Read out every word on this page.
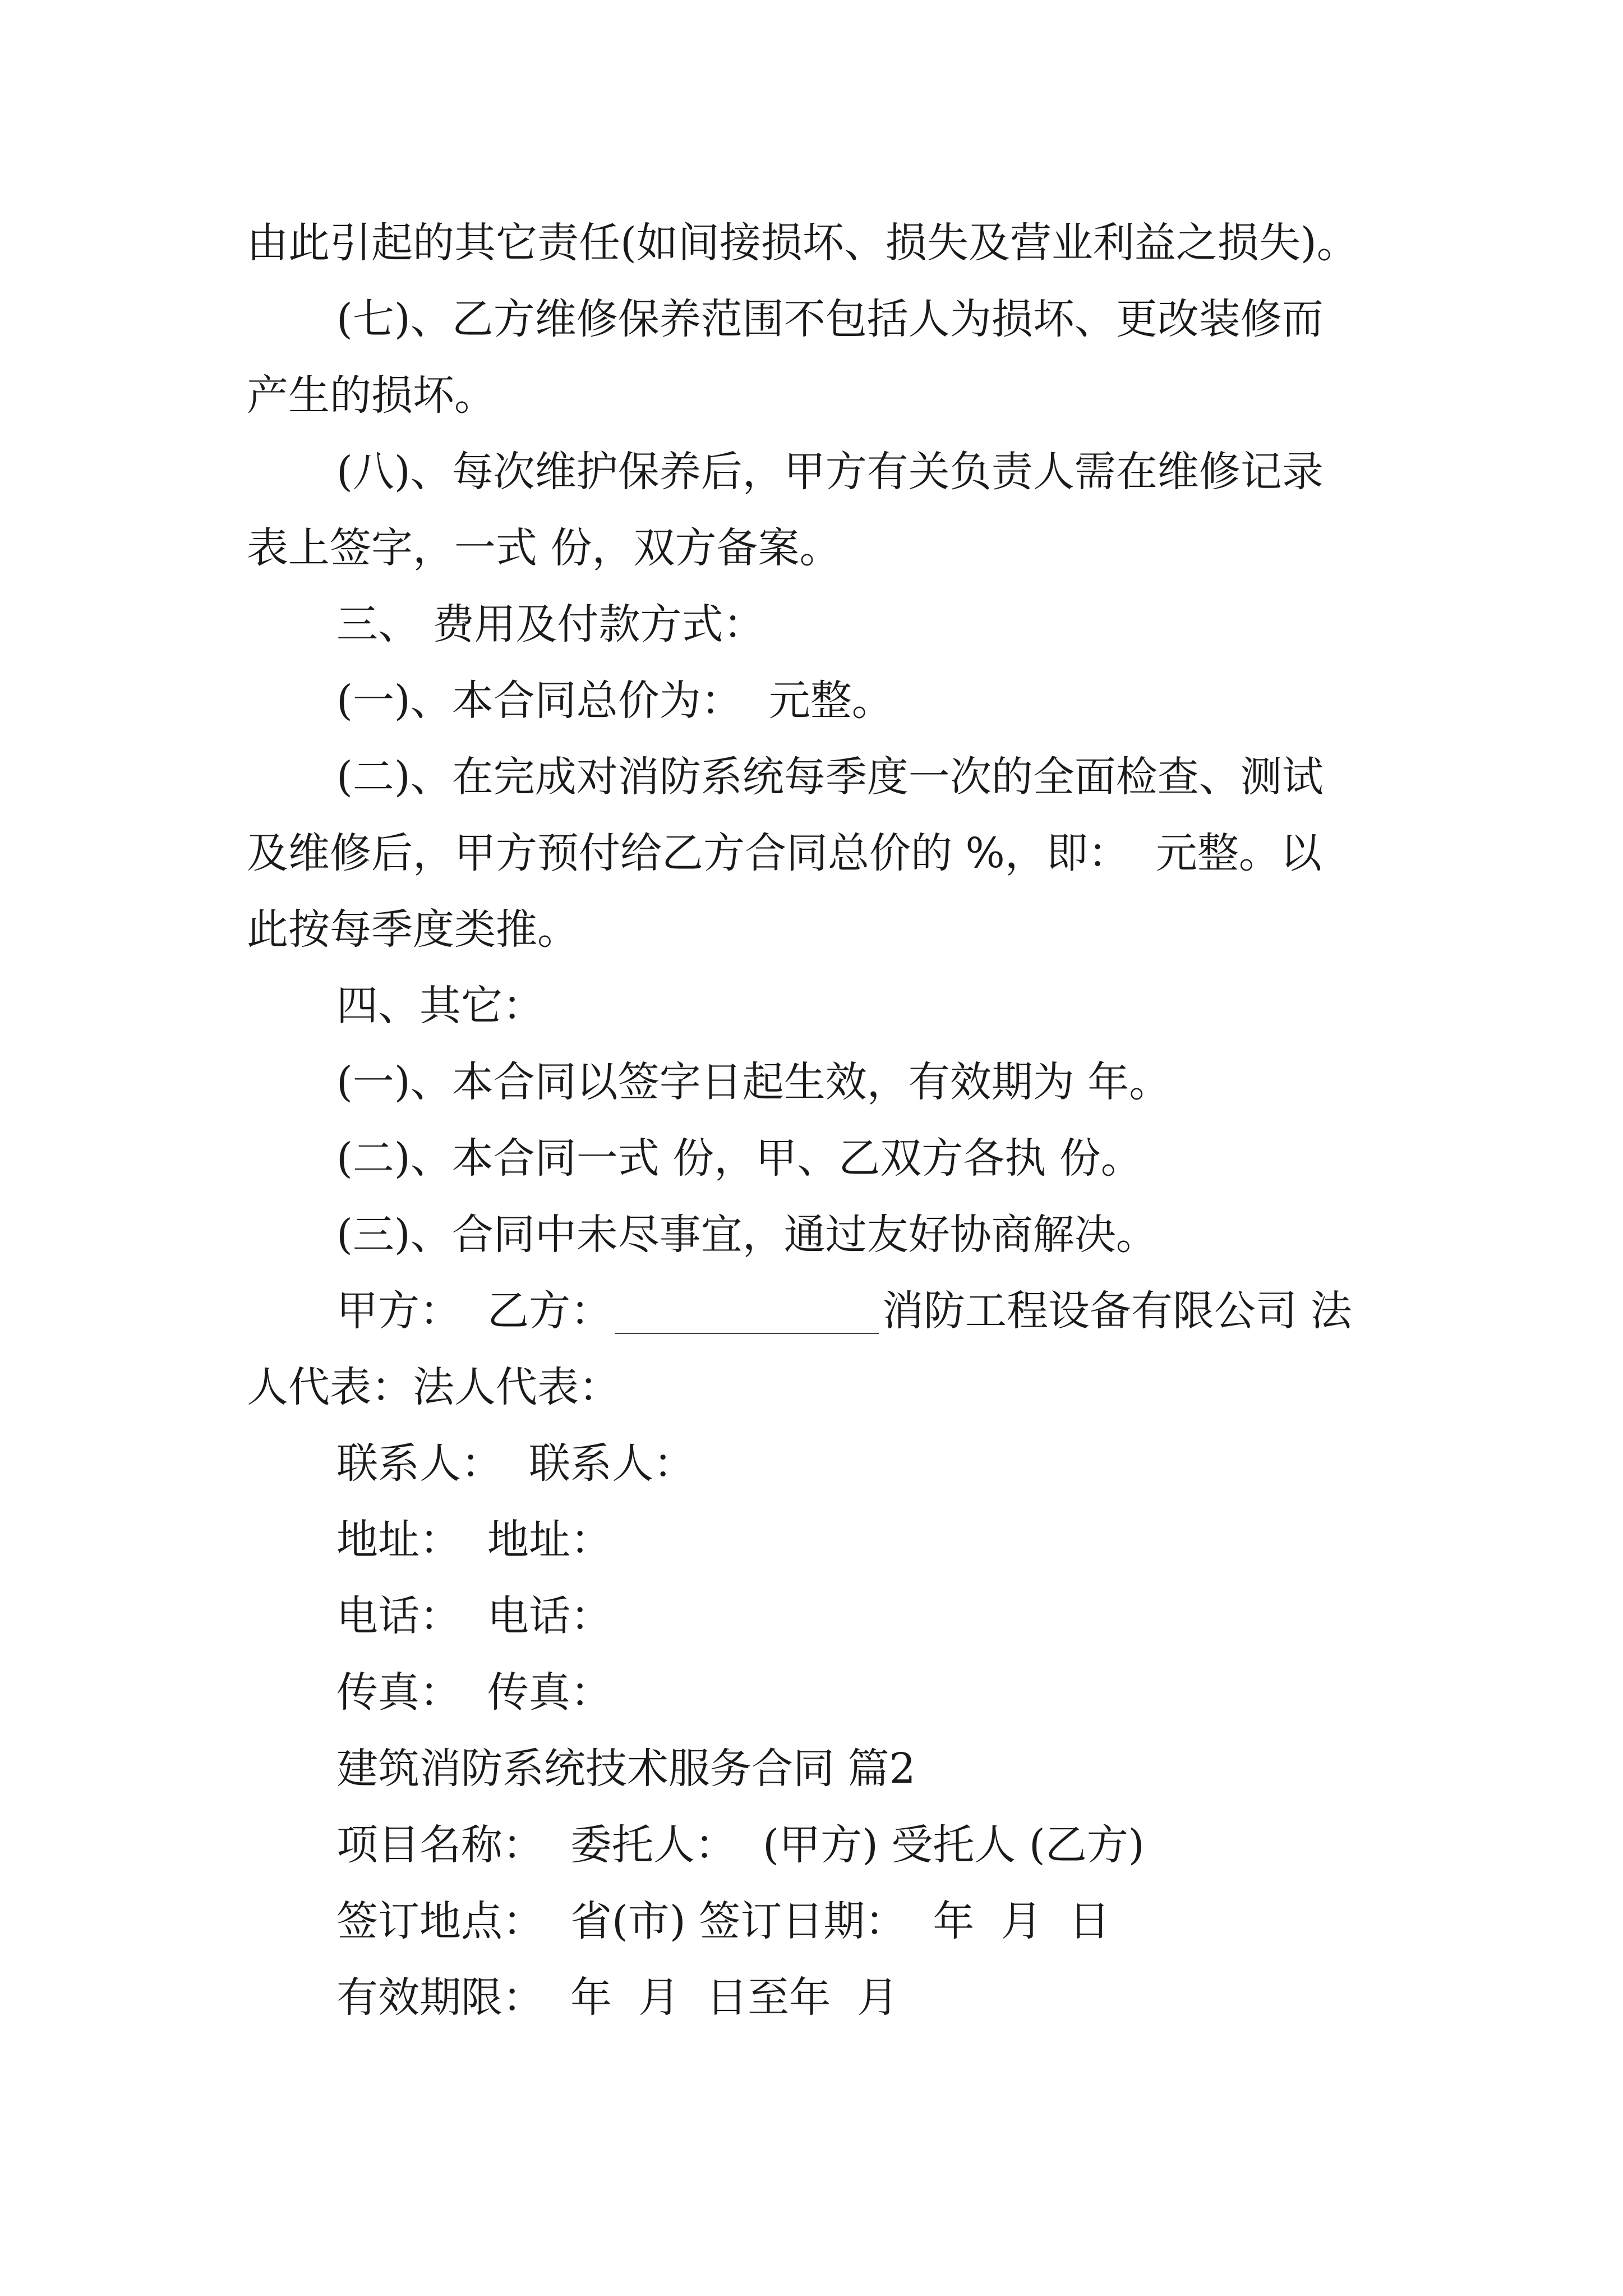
由此引起的其它责任(如间接损坏、损失及营业利益之损失)。
(七)、乙方维修保养范围不包括人为损坏、更改装修而
产生的损坏。
(八)、每次维护保养后，甲方有关负责人需在维修记录
表上签字，一式 份，双方备案。
三、 费用及付款方式：
(一)、本合同总价为：  元整。
(二)、在完成对消防系统每季度一次的全面检查、测试
及维修后，甲方预付给乙方合同总价的 %，即：  元整。以
此按每季度类推。
四、其它：
(一)、本合同以签字日起生效，有效期为 年。
(二)、本合同一式 份，甲、乙双方各执 份。
(三)、合同中未尽事宜，通过友好协商解决。
甲方：  乙方：	消防工程设备有限公司 法
人代表：法人代表：
联系人：  联系人：
地址：  地址：
电话：  电话：
传真：  传真：
建筑消防系统技术服务合同 篇2
项目名称：  委托人：  (甲方) 受托人 (乙方)
签订地点：  省(市) 签订日期：  年  月  日
有效期限：  年  月  日至年  月
